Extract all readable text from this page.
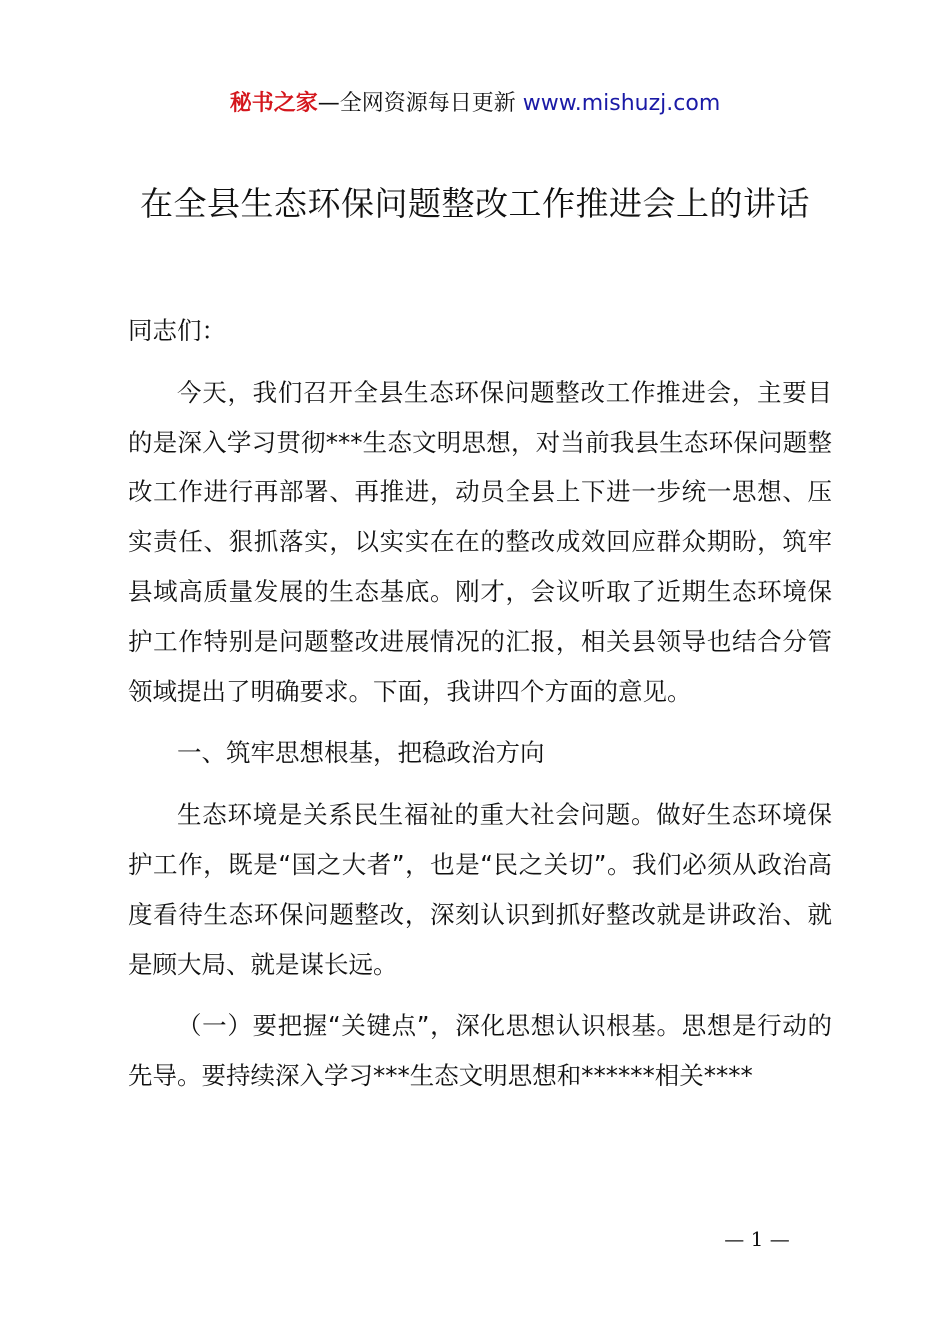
秘书之家—全网资源每日更新 www.mishuzj.com
在全县生态环保问题整改工作推进会上的讲话

同志们：

今天，我们召开全县生态环保问题整改工作推进会，主要目的是深入学习贯彻***生态文明思想，对当前我县生态环保问题整改工作进行再部署、再推进，动员全县上下进一步统一思想、压实责任、狠抓落实，以实实在在的整改成效回应群众期盼，筑牢县域高质量发展的生态基底。刚才，会议听取了近期生态环境保护工作特别是问题整改进展情况的汇报，相关县领导也结合分管领域提出了明确要求。下面，我讲四个方面的意见。

一、筑牢思想根基，把稳政治方向

生态环境是关系民生福祉的重大社会问题。做好生态环境保护工作，既是“国之大者”，也是“民之关切”。我们必须从政治高度看待生态环保问题整改，深刻认识到抓好整改就是讲政治、就是顾大局、就是谋长远。

（一）要把握“关键点”，深化思想认识根基。思想是行动的先导。要持续深入学习***生态文明思想和******相关****

— 1 —
